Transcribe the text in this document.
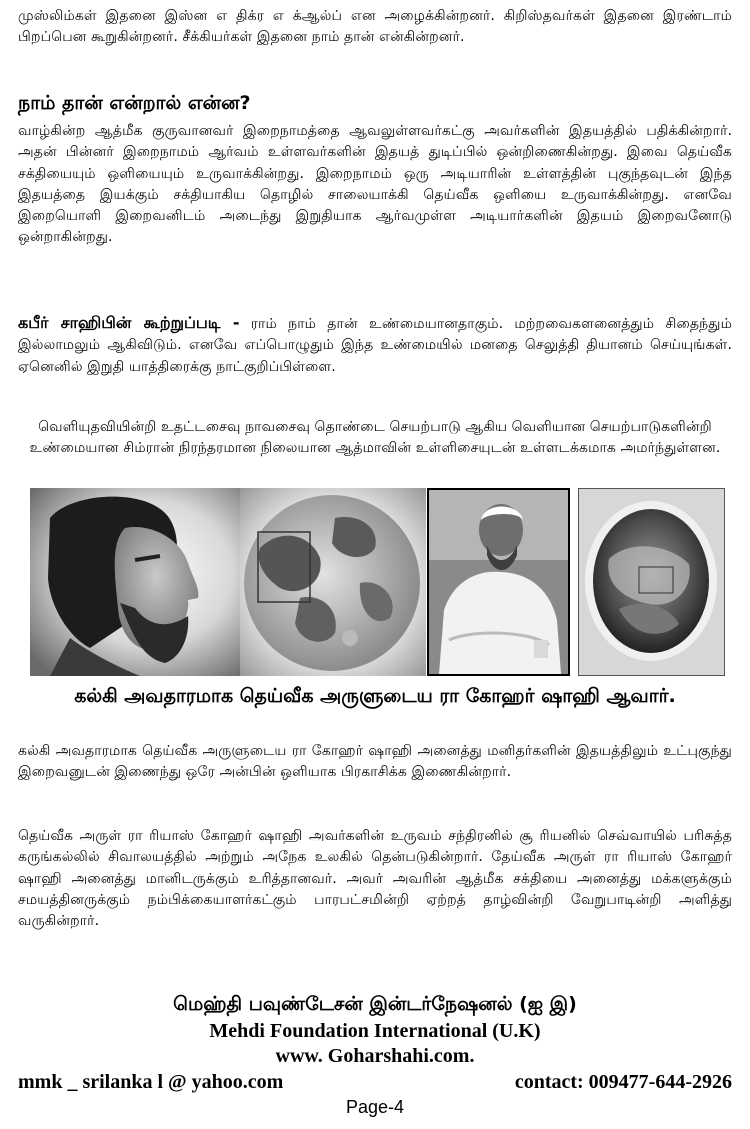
முஸ்லிம்கள் இதனை இஸ்ன எ திக்ர எ க்ஆல்ப் என அழைக்கின்றனர். கிறிஸ்தவர்கள் இதனை இரண்டாம் பிறப்பென கூறுகின்றனர். சீக்கியர்கள் இதனை நாம் தான் என்கின்றனர்.

நாம் தான் என்றால் என்ன?

வாழ்கின்ற ஆத்மீக குருவானவர் இறைநாமத்தை ஆவலுள்ளவர்கட்கு அவர்களின் இதயத்தில் பதிக்கின்றார். அதன் பின்னர் இறைநாமம் ஆர்வம் உள்ளவர்களின் இதயத் துடிப்பில் ஒன்றிணைகின்றது. இவை தெய்வீக சக்தியையும் ஒளியையும் உருவாக்கின்றது. இறைநாமம் ஒரு அடியாரின் உள்ளத்தின் புகுந்தவுடன் இந்த இதயத்தை இயக்கும் சக்தியாகிய தொழில் சாலையாக்கி தெய்வீக ஒளியை உருவாக்கின்றது. எனவே இறையொளி இறைவனிடம் அடைந்து இறுதியாக ஆர்வமுள்ள அடியார்களின் இதயம் இறைவனோடு ஒன்றாகின்றது.

கபீர் சாஹிபின் கூற்றுப்படி - ராம் நாம் தான் உண்மையானதாகும். மற்றவைகளனைத்தும் சிதைந்தும் இல்லாமலும் ஆகிவிடும். எனவே எப்பொழுதும் இந்த உண்மையில் மனதை செலுத்தி தியானம் செய்யுங்கள். ஏனெனில் இறுதி யாத்திரைக்கு நாட்குறிப்பிள்ளை.

வெளியுதவியின்றி உதட்டசைவு நாவசைவு தொண்டை செயற்பாடு ஆகிய வெளியான செயற்பாடுகளின்றி உண்மையான சிம்ரான் நிரந்தரமான நிலையான ஆத்மாவின் உள்ளிசையுடன் உள்ளடக்கமாக அமர்ந்துள்ளன.

கல்கி அவதாரமாக தெய்வீக அருளுடைய ரா கோஹர் ஷாஹி ஆவார்.

கல்கி அவதாரமாக தெய்வீக அருளுடைய ரா கோஹர் ஷாஹி அனைத்து மனிதர்களின் இதயத்திலும் உட்புகுந்து இறைவனுடன் இணைந்து ஒரே அன்பின் ஒளியாக பிரகாசிக்க இணைகின்றார்.

தெய்வீக அருள் ரா ரியாஸ் கோஹர் ஷாஹி அவர்களின் உருவம் சந்திரனில் சூ ரியனில் செவ்வாயில் பரிசுத்த கருங்கல்லில் சிவாலயத்தில் அற்றும் அநேக உலகில் தென்படுகின்றார். தேய்வீக அருள் ரா ரியாஸ் கோஹர் ஷாஹி அனைத்து மானிடருக்கும் உரித்தானவர். அவர் அவரின் ஆத்மீக சக்தியை அனைத்து மக்களுக்கும் சமயத்தினருக்கும் நம்பிக்கையாளர்கட்கும் பாரபட்சமின்றி ஏற்றத் தாழ்வின்றி வேறுபாடின்றி அளித்து வருகின்றார்.

மெஹ்தி பவுண்டேசன் இன்டர்நேஷனல் (ஐ இ)
Mehdi Foundation International (U.K)
www. Goharshahi.com.
mmk _ srilanka l @ yahoo.com	contact: 009477-644-2926
Page-4
